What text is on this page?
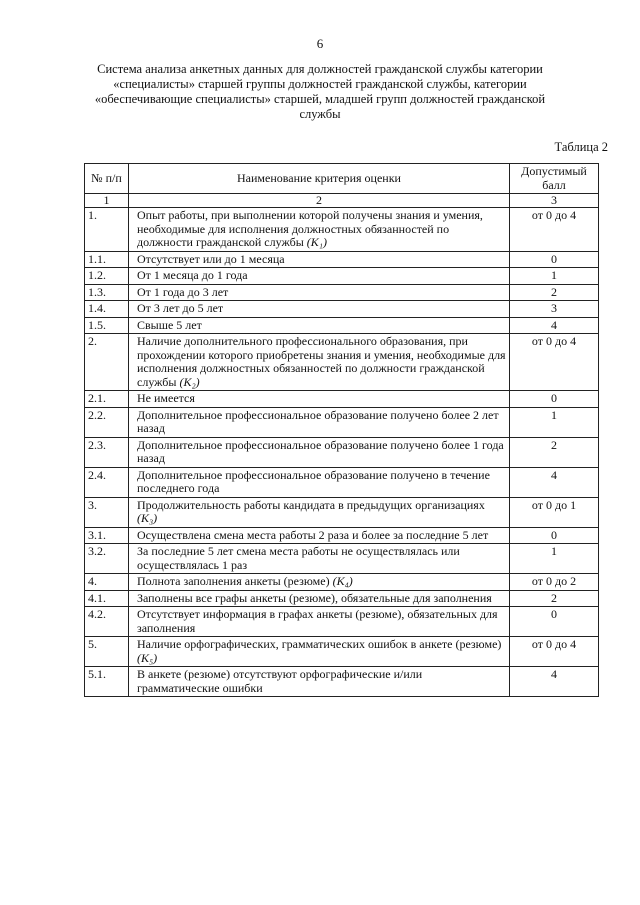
6
Система анализа анкетных данных для должностей гражданской службы категории «специалисты» старшей группы должностей гражданской службы, категории «обеспечивающие специалисты» старшей, младшей групп должностей гражданской службы
Таблица 2
№ п/п	Наименование критерия оценки	Допустимый балл
1	2	3
1.	Опыт работы, при выполнении которой получены знания и умения, необходимые для исполнения должностных обязанностей по должности гражданской службы (K₁)	от 0 до 4
1.1.	Отсутствует или до 1 месяца	0
1.2.	От 1 месяца до 1 года	1
1.3.	От 1 года до 3 лет	2
1.4.	От 3 лет до 5 лет	3
1.5.	Свыше 5 лет	4
2.	Наличие дополнительного профессионального образования, при прохождении которого приобретены знания и умения, необходимые для исполнения должностных обязанностей по должности гражданской службы (K₂)	от 0 до 4
2.1.	Не имеется	0
2.2.	Дополнительное профессиональное образование получено более 2 лет назад	1
2.3.	Дополнительное профессиональное образование получено более 1 года назад	2
2.4.	Дополнительное профессиональное образование получено в течение последнего года	4
3.	Продолжительность работы кандидата в предыдущих организациях (K₃)	от 0 до 1
3.1.	Осуществлена смена места работы 2 раза и более за последние 5 лет	0
3.2.	За последние 5 лет смена места работы не осуществлялась или осуществлялась 1 раз	1
4.	Полнота заполнения анкеты (резюме) (K₄)	от 0 до 2
4.1.	Заполнены все графы анкеты (резюме), обязательные для заполнения	2
4.2.	Отсутствует информация в графах анкеты (резюме), обязательных для заполнения	0
5.	Наличие орфографических, грамматических ошибок в анкете (резюме) (K₅)	от 0 до 4
5.1.	В анкете (резюме) отсутствуют орфографические и/или грамматические ошибки	4
